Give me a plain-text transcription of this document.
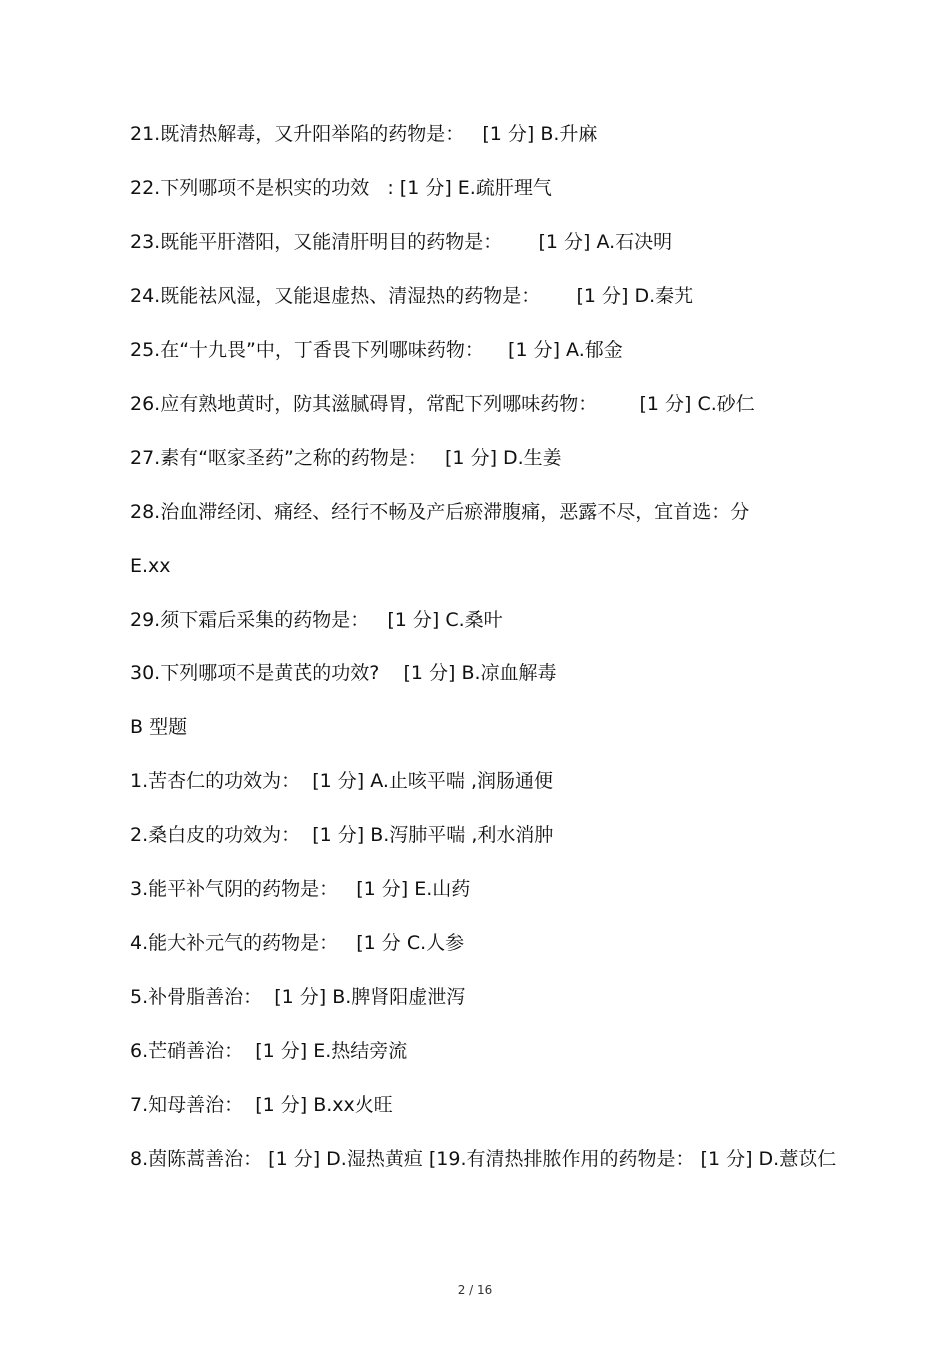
21.既清热解毒，又升阳举陷的药物是：   [1 分] B.升麻
22.下列哪项不是枳实的功效   : [1 分] E.疏肝理气
23.既能平肝潜阳，又能清肝明目的药物是：      [1 分] A.石决明
24.既能祛风湿，又能退虚热、清湿热的药物是：      [1 分] D.秦艽
25.在“十九畏”中，丁香畏下列哪味药物：    [1 分] A.郁金
26.应有熟地黄时，防其滋腻碍胃，常配下列哪味药物：       [1 分] C.砂仁
27.素有“呕家圣药”之称的药物是：   [1 分] D.生姜
28.治血滞经闭、痛经、经行不畅及产后瘀滞腹痛，恶露不尽，宜首选：分
E.xx
29.须下霜后采集的药物是：   [1 分] C.桑叶
30.下列哪项不是黄芪的功效?    [1 分] B.凉血解毒
B 型题
1.苦杏仁的功效为：  [1 分] A.止咳平喘 ,润肠通便
2.桑白皮的功效为：  [1 分] B.泻肺平喘 ,利水消肿
3.能平补气阴的药物是：   [1 分] E.山药
4.能大补元气的药物是：   [1 分 C.人参
5.补骨脂善治：  [1 分] B.脾肾阳虚泄泻
6.芒硝善治：  [1 分] E.热结旁流
7.知母善治：  [1 分] B.xx火旺
8.茵陈蒿善治： [1 分] D.湿热黄疸 [19.有清热排脓作用的药物是： [1 分] D.薏苡仁
2 / 16
